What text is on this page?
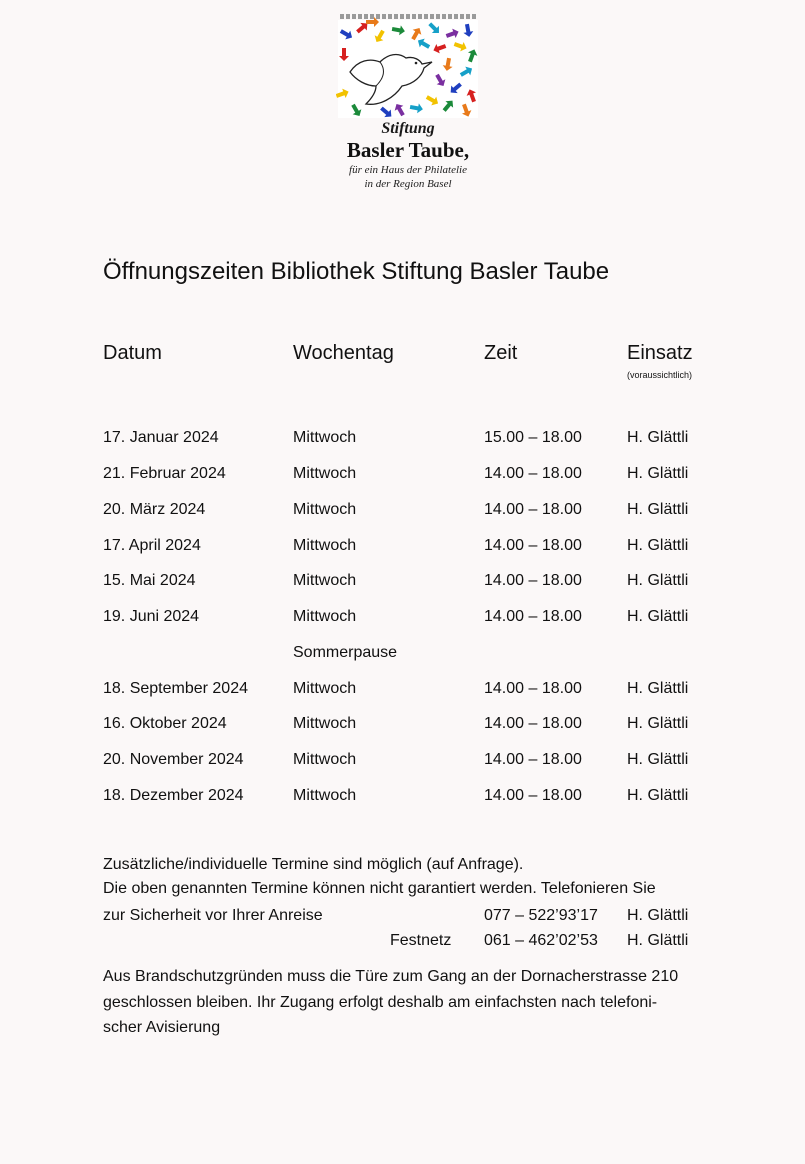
Stiftung
Basler Taube,
für ein Haus der Philatelie
in der Region Basel
Öffnungszeiten Bibliothek Stiftung Basler Taube
Datum	Wochentag	Zeit	Einsatz
(voraussichtlich)
17. Januar 2024	Mittwoch	15.00 – 18.00	H. Glättli
21. Februar 2024	Mittwoch	14.00 – 18.00	H. Glättli
20. März 2024	Mittwoch	14.00 – 18.00	H. Glättli
17. April 2024	Mittwoch	14.00 – 18.00	H. Glättli
15. Mai 2024	Mittwoch	14.00 – 18.00	H. Glättli
19. Juni 2024	Mittwoch	14.00 – 18.00	H. Glättli
Sommerpause
18. September 2024	Mittwoch	14.00 – 18.00	H. Glättli
16. Oktober 2024	Mittwoch	14.00 – 18.00	H. Glättli
20. November 2024	Mittwoch	14.00 – 18.00	H. Glättli
18. Dezember 2024	Mittwoch	14.00 – 18.00	H. Glättli
Zusätzliche/individuelle Termine sind möglich (auf Anfrage).
Die oben genannten Termine können nicht garantiert werden. Telefonieren Sie
zur Sicherheit vor Ihrer Anreise	077 – 522’93’17 H. Glättli
Festnetz 061 – 462’02’53 H. Glättli
Aus Brandschutzgründen muss die Türe zum Gang an der Dornacherstrasse 210
geschlossen bleiben. Ihr Zugang erfolgt deshalb am einfachsten nach telefoni-
scher Avisierung
